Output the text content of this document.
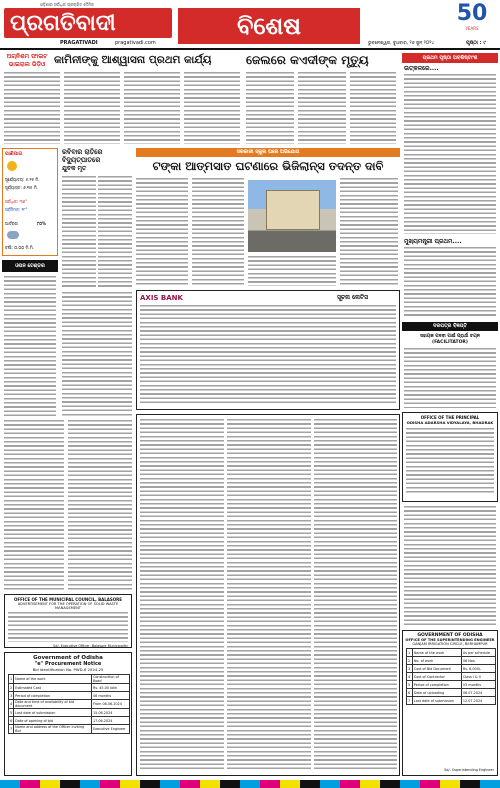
ଓଡ଼ିଶାର ସର୍ବାଧିକ ପ୍ରଚାରିତ ଦୈନିକ
ପ୍ରଗତିବାଦୀ
PRAGATIVADI	pragativadi.com
ବିଶେଷ	50
YEARS
ଭୁବନେଶ୍ୱର, ବୁଧବାର, ୨୬ ଜୁନ୍ ୨୦୨୪	ପୃଷ୍ଠା : ୯
ଅଗ୍ନିଶମ ଫାଇଟ
ଭାଇରାଲ ଭିଡ଼ିଓ କାମିନୀଙ୍କୁ ଆଶ୍ୱାସନା ପ୍ରଥମ କାର୍ଯ୍ୟ	ଜେଲରେ କଏଦୀଙ୍କ ମୃତ୍ୟୁ	ପ୍ରଥମ ପୃଷ୍ଠା ଅବଶିଷ୍ଟାଂଶ
ଉତ୍କଳରେ....
ମୁଖ୍ୟମନ୍ତ୍ରୀ ପ୍ରଥମ....
ପାଣିପାଗ
ସୂର୍ଯ୍ୟୋଦୟ: ୫.୧୫ ମି.
ସୂର୍ଯ୍ୟାସ୍ତ: ୬.୩୫ ମି.
ସର୍ବାଧିକ: ୩୬°
ସର୍ବନିମ୍ନ: ୨୮°
ଆର୍ଦ୍ରତା	୮୦%
ବର୍ଷା: ୦.୦୦ ମି.ମି.
ରବିବାର ରାତିରେ ବିଦ୍ୟୁତ୍‌ଘାତରେ
ଯୁବକ ମୃତ
ଓପନ ଟେଣ୍ଡର
ସରକାରୀ ସ୍କୁଲ ଘରେ ଅଭିଯୋଗ
ଟଙ୍କା ଆତ୍ମସାତ ଘଟଣାରେ ଭିଜିଲାନ୍ସ ତଦନ୍ତ ଦାବି
ଦରପତ୍ର ବିଜ୍ଞପ୍ତି
ସହାୟକ ପଦବୀ ପାଇଁ ପ୍ରାର୍ଥୀ ଚୟନ (FACILITATOR)
AXIS BANK	ସୂଚନା ନୋଟିସ
OFFICE OF THE MUNICIPAL COUNCIL, BALASORE
ADVERTISEMENT FOR THE OPERATION OF SOLID WASTE MANAGEMENT
Sd/- Executive Officer, Balasore Municipality
Government of Odisha
"e" Procurement Notice
Bid Identification No. PWD-6 2024-25
1	Name of the work	Construction of Road
2	Estimated Cost	Rs. 45.00 lakh
3	Period of completion	06 months
4	Date and time of availability of bid document	From 08.06.2024
5	Last date of submission	15.06.2024
6	Date of opening of bid	17.06.2024
7	Name and address of the Officer Inviting Bid	Executive Engineer
OFFICE OF THE PRINCIPAL
ODISHA ADARSHA VIDYALAYA, BHADRAK
GOVERNMENT OF ODISHA
OFFICE OF THE SUPERINTENDING ENGINEER
GANJAM IRRIGATION CIRCLE, BERHAMPUR
1	Name of the work	As per schedule
2	No. of work	06 Nos.
3	Cost of Bid Document	Rs. 6,000/-
4	Cost of Contractor	Class I & II
5	Period of completion	03 months
6	Date of uploading	06.07.2024
7	Last date of submission	12.07.2024
Sd/- Superintending Engineer
